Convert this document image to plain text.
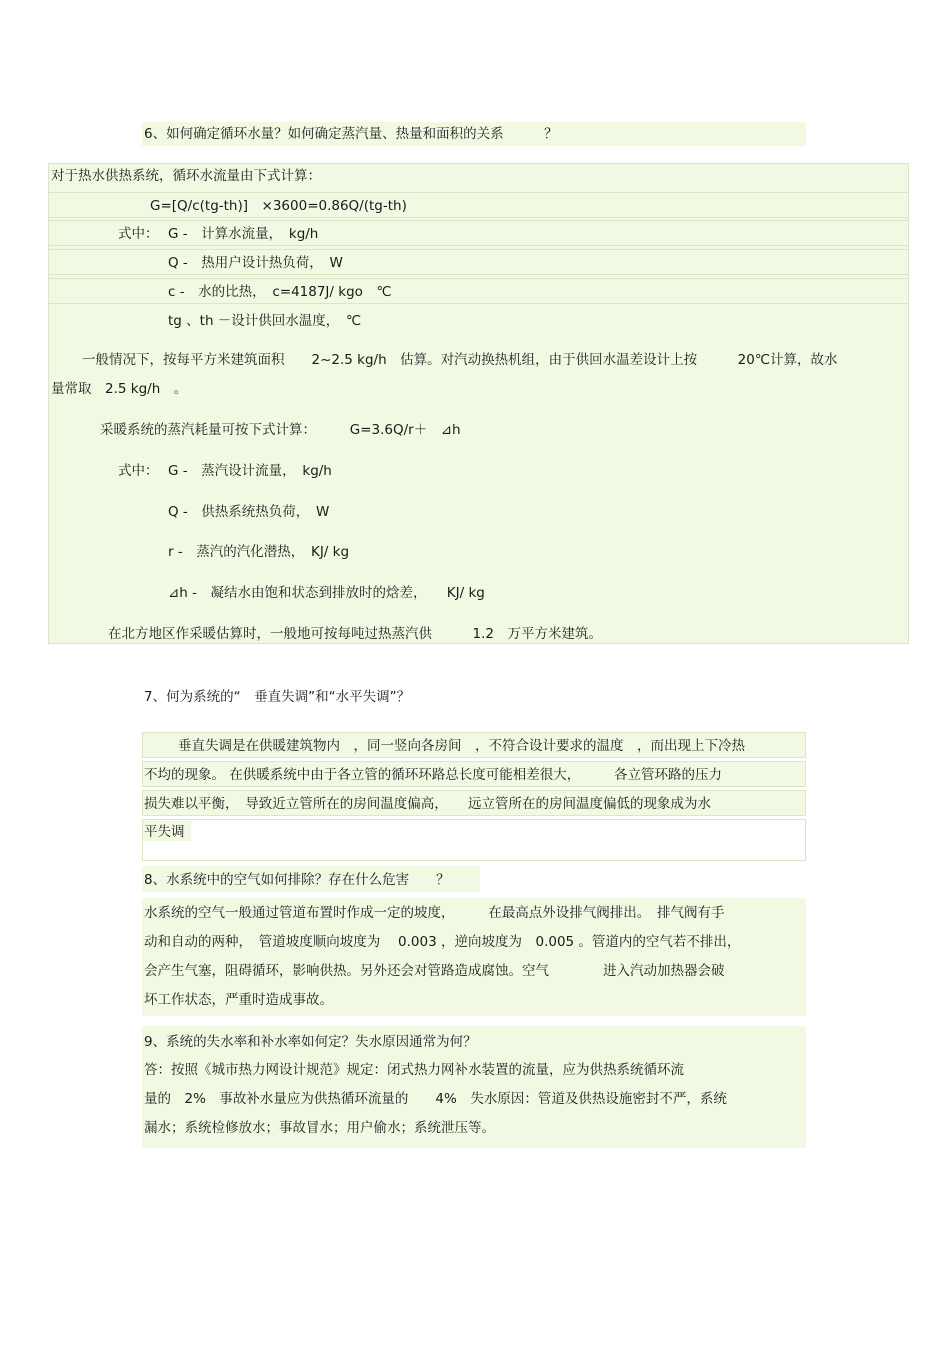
6、如何确定循环水量？如何确定蒸汽量、热量和面积的关系　　　？
对于热水供热系统，循环水流量由下式计算：
G=[Q/c(tg-th)]　×3600=0.86Q/(tg-th)
式中： G -　计算水流量，　kg/h
Q -　热用户设计热负荷，　W
c -　水的比热，　c=4187J/ kgo　℃
tg 、th －设计供回水温度，　℃
一般情况下，按每平方米建筑面积　　2~2.5 kg/h　估算。对汽动换热机组，由于供回水温差设计上按　　　20℃计算，故水
量常取　2.5 kg/h　。
采暖系统的蒸汽耗量可按下式计算：　　　G=3.6Q/r＋　⊿h
式中： G -　蒸汽设计流量，　kg/h
Q -　供热系统热负荷，　W
r -　蒸汽的汽化潜热，　KJ/ kg
⊿h -　凝结水由饱和状态到排放时的焓差，　　KJ/ kg
在北方地区作采暖估算时，一般地可按每吨过热蒸汽供　　　1.2　万平方米建筑。
7、何为系统的“　垂直失调”和“水平失调”？
垂直失调是在供暖建筑物内　，同一竖向各房间　，不符合设计要求的温度　，而出现上下冷热
不均的现象。 在供暖系统中由于各立管的循环环路总长度可能相差很大，　　　各立管环路的压力
损失难以平衡，　导致近立管所在的房间温度偏高，　　远立管所在的房间温度偏低的现象成为水
平失调
8、水系统中的空气如何排除？存在什么危害　　？
水系统的空气一般通过管道布置时作成一定的坡度，　　　在最高点外设排气阀排出。　排气阀有手
动和自动的两种，　管道坡度顺向坡度为　 0.003 ，逆向坡度为　0.005 。管道内的空气若不排出，
会产生气塞，阻碍循环，影响供热。另外还会对管路造成腐蚀。空气　　　　进入汽动加热器会破
坏工作状态，严重时造成事故。
9、系统的失水率和补水率如何定？失水原因通常为何？
答：按照《城市热力网设计规范》规定：闭式热力网补水装置的流量，应为供热系统循环流
量的　2%　事故补水量应为供热循环流量的　　4%　失水原因：管道及供热设施密封不严，系统
漏水；系统检修放水；事故冒水；用户偷水；系统泄压等。
